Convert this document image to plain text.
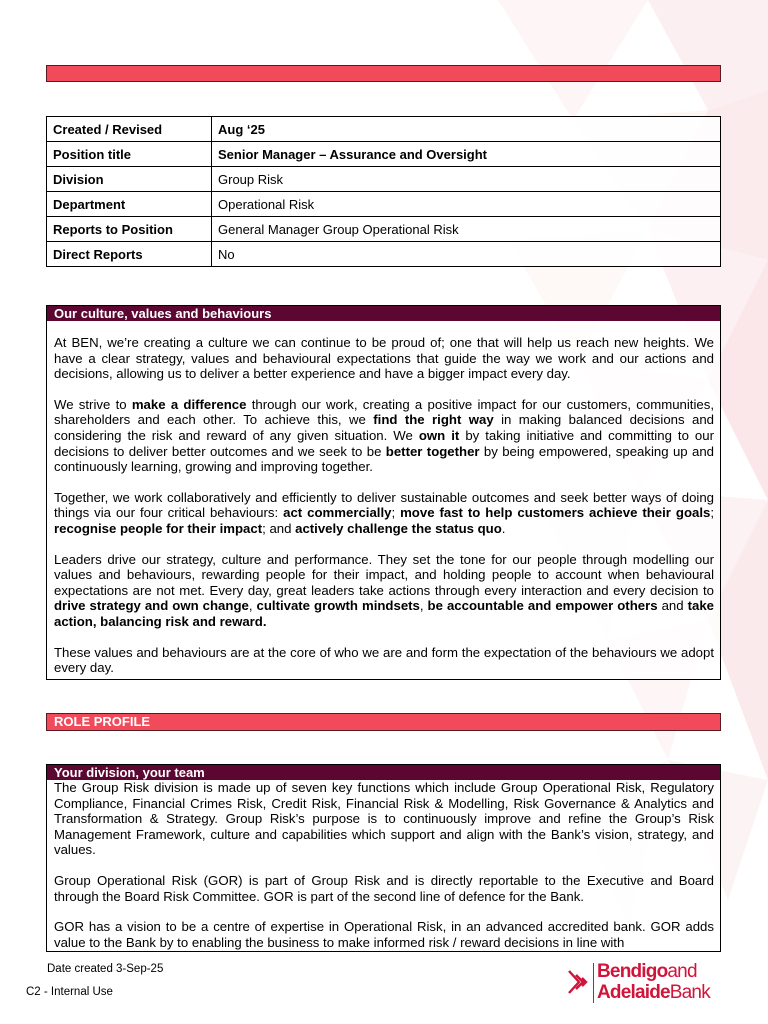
Created / Revised	Aug ‘25
Position title	Senior Manager – Assurance and Oversight
Division	Group Risk
Department	Operational Risk
Reports to Position	General Manager Group Operational Risk
Direct Reports	No
Our culture, values and behaviours

At BEN, we’re creating a culture we can continue to be proud of; one that will help us reach new heights. We have a clear strategy, values and behavioural expectations that guide the way we work and our actions and decisions, allowing us to deliver a better experience and have a bigger impact every day.

We strive to make a difference through our work, creating a positive impact for our customers, communities, shareholders and each other. To achieve this, we find the right way in making balanced decisions and considering the risk and reward of any given situation. We own it by taking initiative and committing to our decisions to deliver better outcomes and we seek to be better together by being empowered, speaking up and continuously learning, growing and improving together.

Together, we work collaboratively and efficiently to deliver sustainable outcomes and seek better ways of doing things via our four critical behaviours: act commercially; move fast to help customers achieve their goals; recognise people for their impact; and actively challenge the status quo.

Leaders drive our strategy, culture and performance. They set the tone for our people through modelling our values and behaviours, rewarding people for their impact, and holding people to account when behavioural expectations are not met. Every day, great leaders take actions through every interaction and every decision to drive strategy and own change, cultivate growth mindsets, be accountable and empower others and take action, balancing risk and reward.

These values and behaviours are at the core of who we are and form the expectation of the behaviours we adopt every day.

ROLE PROFILE
Your division, your team

The Group Risk division is made up of seven key functions which include Group Operational Risk, Regulatory Compliance, Financial Crimes Risk, Credit Risk, Financial Risk & Modelling, Risk Governance & Analytics and Transformation & Strategy. Group Risk’s purpose is to continuously improve and refine the Group’s Risk Management Framework, culture and capabilities which support and align with the Bank’s vision, strategy, and values.

Group Operational Risk (GOR) is part of Group Risk and is directly reportable to the Executive and Board through the Board Risk Committee. GOR is part of the second line of defence for the Bank.

GOR has a vision to be a centre of expertise in Operational Risk, in an advanced accredited bank. GOR adds value to the Bank by to enabling the business to make informed risk / reward decisions in line with

Date created 3-Sep-25
C2 - Internal Use
Bendigoand
AdelaideBank
